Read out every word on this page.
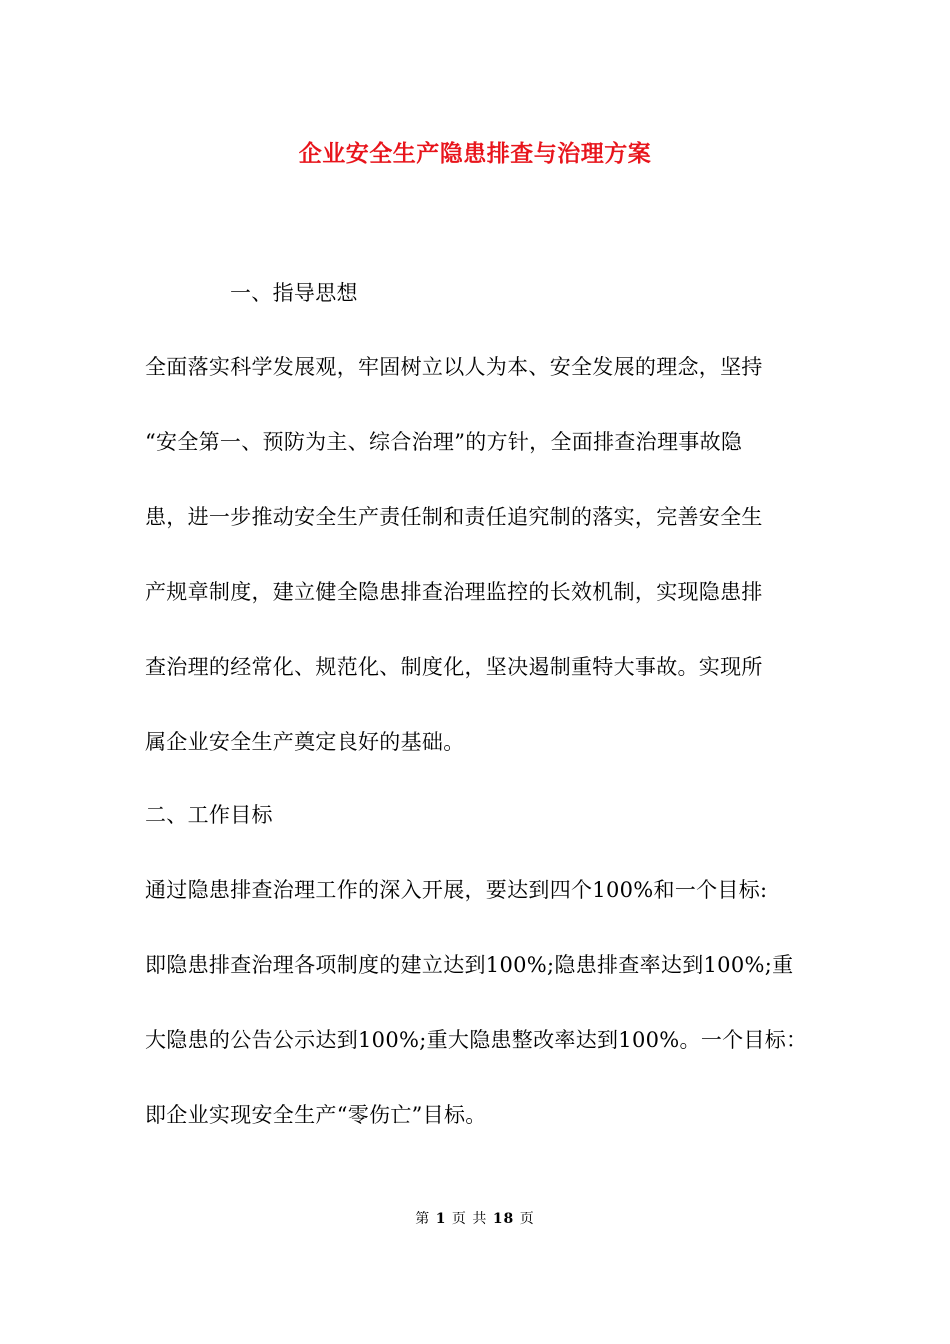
企业安全生产隐患排查与治理方案
一、指导思想
全面落实科学发展观，牢固树立以人为本、安全发展的理念，坚持
“安全第一、预防为主、综合治理”的方针，全面排查治理事故隐
患，进一步推动安全生产责任制和责任追究制的落实，完善安全生
产规章制度，建立健全隐患排查治理监控的长效机制，实现隐患排
查治理的经常化、规范化、制度化，坚决遏制重特大事故。实现所
属企业安全生产奠定良好的基础。
二、工作目标
通过隐患排查治理工作的深入开展，要达到四个100%和一个目标:
即隐患排查治理各项制度的建立达到100%;隐患排查率达到100%;重
大隐患的公告公示达到100%;重大隐患整改率达到100%。一个目标：
即企业实现安全生产“零伤亡”目标。
第 1 页 共 18 页
